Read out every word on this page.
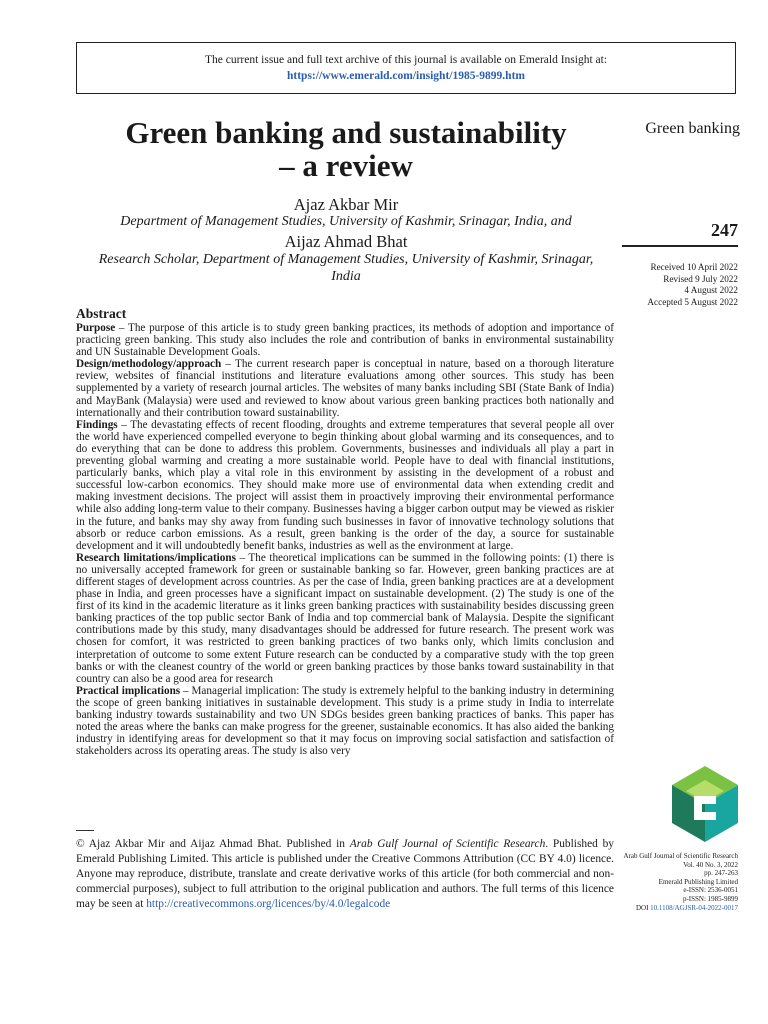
The current issue and full text archive of this journal is available on Emerald Insight at:
https://www.emerald.com/insight/1985-9899.htm
Green banking and sustainability
– a review
Green banking
Ajaz Akbar Mir
Department of Management Studies, University of Kashmir, Srinagar, India, and
Aijaz Ahmad Bhat
Research Scholar, Department of Management Studies, University of Kashmir, Srinagar, India
247
Received 10 April 2022
Revised 9 July 2022
4 August 2022
Accepted 5 August 2022
Abstract

Purpose – The purpose of this article is to study green banking practices, its methods of adoption and importance of practicing green banking. This study also includes the role and contribution of banks in environmental sustainability and UN Sustainable Development Goals.

Design/methodology/approach – The current research paper is conceptual in nature, based on a thorough literature review, websites of financial institutions and literature evaluations among other sources. This study has been supplemented by a variety of research journal articles. The websites of many banks including SBI (State Bank of India) and MayBank (Malaysia) were used and reviewed to know about various green banking practices both nationally and internationally and their contribution toward sustainability.

Findings – The devastating effects of recent flooding, droughts and extreme temperatures that several people all over the world have experienced compelled everyone to begin thinking about global warming and its consequences, and to do everything that can be done to address this problem. Governments, businesses and individuals all play a part in preventing global warming and creating a more sustainable world. People have to deal with financial institutions, particularly banks, which play a vital role in this environment by assisting in the development of a robust and successful low-carbon economics. They should make more use of environmental data when extending credit and making investment decisions. The project will assist them in proactively improving their environmental performance while also adding long-term value to their company. Businesses having a bigger carbon output may be viewed as riskier in the future, and banks may shy away from funding such businesses in favor of innovative technology solutions that absorb or reduce carbon emissions. As a result, green banking is the order of the day, a source for sustainable development and it will undoubtedly benefit banks, industries as well as the environment at large.

Research limitations/implications – The theoretical implications can be summed in the following points: (1) there is no universally accepted framework for green or sustainable banking so far. However, green banking practices are at different stages of development across countries. As per the case of India, green banking practices are at a development phase in India, and green processes have a significant impact on sustainable development. (2) The study is one of the first of its kind in the academic literature as it links green banking practices with sustainability besides discussing green banking practices of the top public sector Bank of India and top commercial bank of Malaysia. Despite the significant contributions made by this study, many disadvantages should be addressed for future research. The present work was chosen for comfort, it was restricted to green banking practices of two banks only, which limits conclusion and interpretation of outcome to some extent Future research can be conducted by a comparative study with the top green banks or with the cleanest country of the world or green banking practices by those banks toward sustainability in that country can also be a good area for research

Practical implications – Managerial implication: The study is extremely helpful to the banking industry in determining the scope of green banking initiatives in sustainable development. This study is a prime study in India to interrelate banking industry towards sustainability and two UN SDGs besides green banking practices of banks. This paper has noted the areas where the banks can make progress for the greener, sustainable economics. It has also aided the banking industry in identifying areas for development so that it may focus on improving social satisfaction and satisfaction of stakeholders across its operating areas. The study is also very

© Ajaz Akbar Mir and Aijaz Ahmad Bhat. Published in Arab Gulf Journal of Scientific Research. Published by Emerald Publishing Limited. This article is published under the Creative Commons Attribution (CC BY 4.0) licence. Anyone may reproduce, distribute, translate and create derivative works of this article (for both commercial and non-commercial purposes), subject to full attribution to the original publication and authors. The full terms of this licence may be seen at http://creativecommons.org/licences/by/4.0/legalcode
Arab Gulf Journal of Scientific Research
Vol. 40 No. 3, 2022
pp. 247-263
Emerald Publishing Limited
e-ISSN: 2536-0051
p-ISSN: 1985-9899
DOI 10.1108/AGJSR-04-2022-0017
